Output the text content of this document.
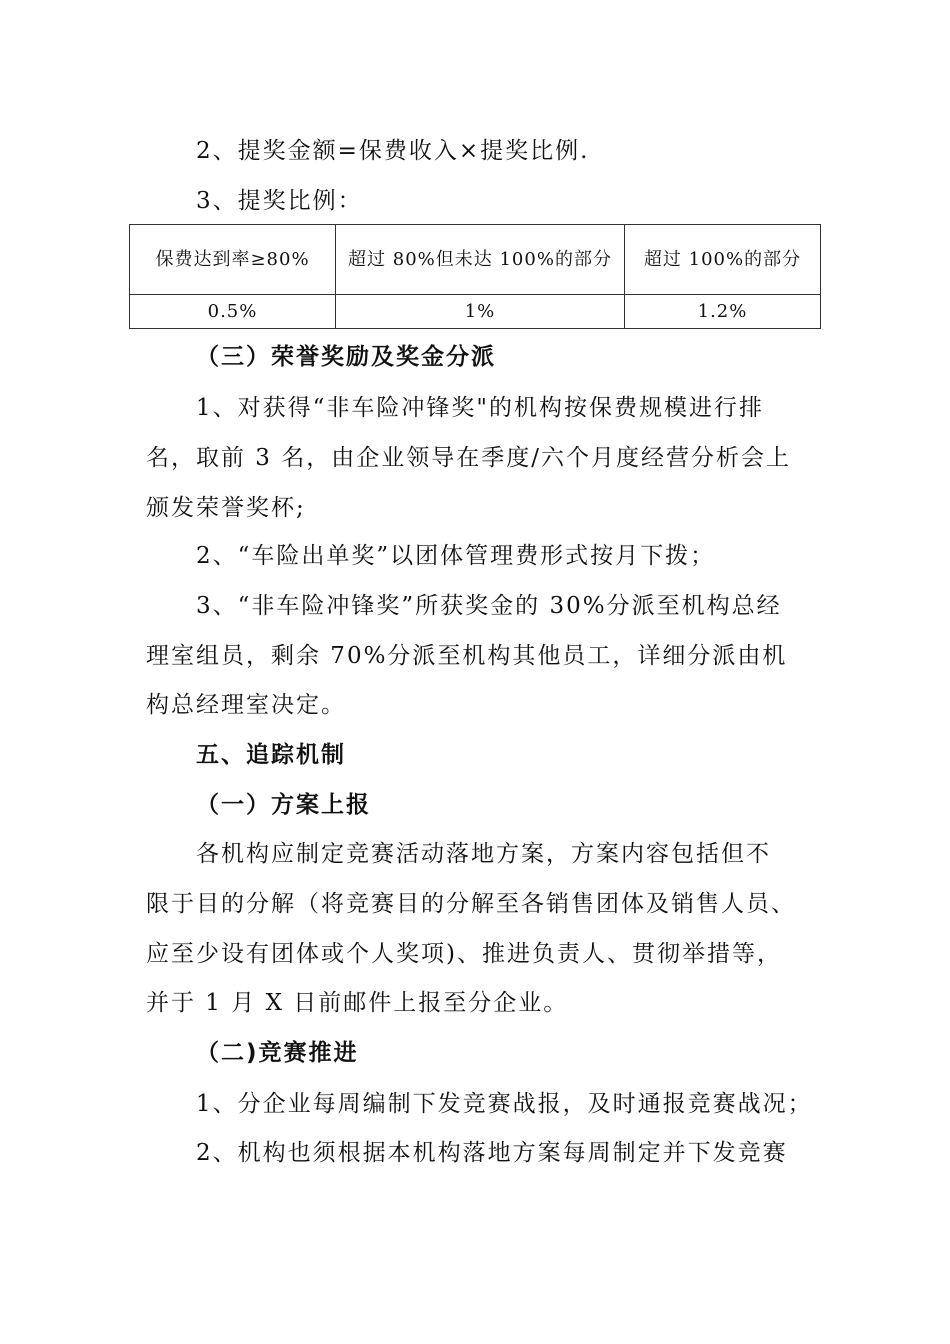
2、提奖金额=保费收入×提奖比例.
3、提奖比例：
保费达到率≥80%	超过 80%但未达 100%的部分	超过 100%的部分
0.5%	1%	1.2%
（三）荣誉奖励及奖金分派
1、对获得“非车险冲锋奖"的机构按保费规模进行排
名，取前 3 名，由企业领导在季度/六个月度经营分析会上
颁发荣誉奖杯;
2、“车险出单奖”以团体管理费形式按月下拨；
3、“非车险冲锋奖”所获奖金的 30%分派至机构总经
理室组员，剩余 70%分派至机构其他员工，详细分派由机
构总经理室决定。
五、追踪机制
（一）方案上报
各机构应制定竞赛活动落地方案，方案内容包括但不
限于目的分解（将竞赛目的分解至各销售团体及销售人员、
应至少设有团体或个人奖项)、推进负责人、贯彻举措等，
并于 1 月 X 日前邮件上报至分企业。
（二)竞赛推进
1、分企业每周编制下发竞赛战报，及时通报竞赛战况；
2、机构也须根据本机构落地方案每周制定并下发竞赛
